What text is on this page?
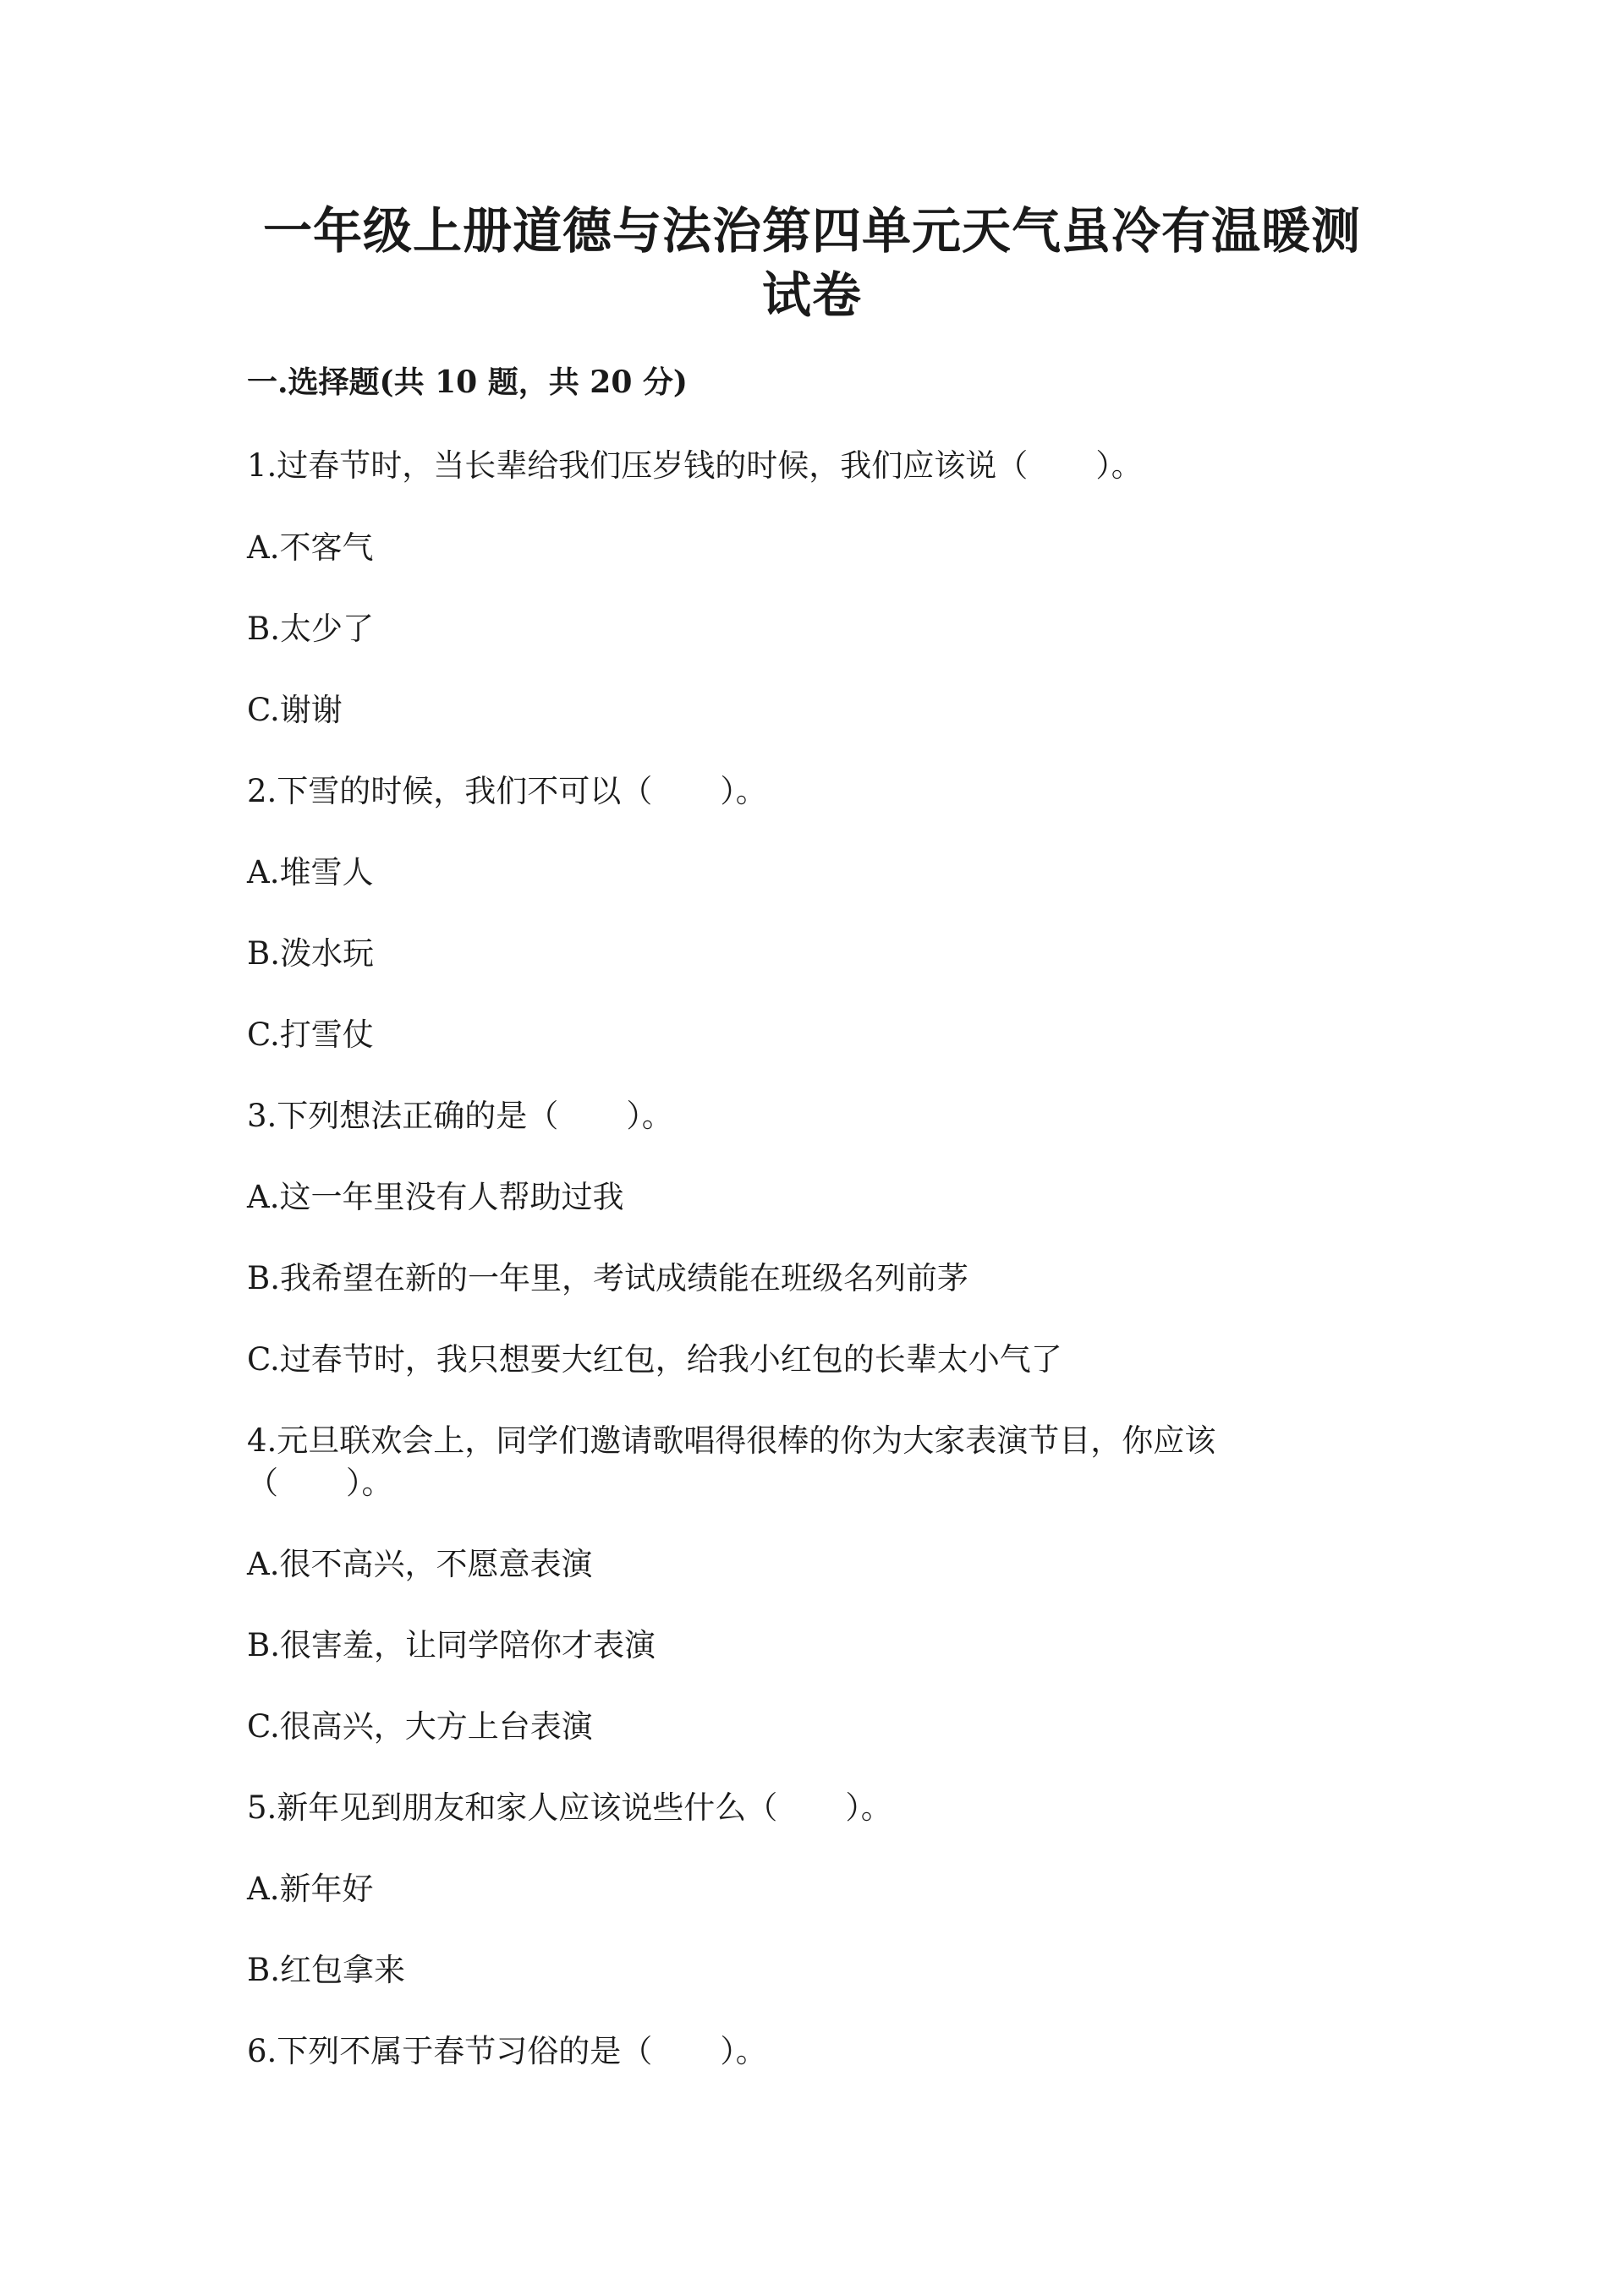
一年级上册道德与法治第四单元天气虽冷有温暖测
试卷
一.选择题(共 10 题，共 20 分)

1.过春节时，当长辈给我们压岁钱的时候，我们应该说（ ）。

A.不客气

B.太少了

C.谢谢

2.下雪的时候，我们不可以（ ）。

A.堆雪人

B.泼水玩

C.打雪仗

3.下列想法正确的是（ ）。

A.这一年里没有人帮助过我

B.我希望在新的一年里，考试成绩能在班级名列前茅

C.过春节时，我只想要大红包，给我小红包的长辈太小气了

4.元旦联欢会上，同学们邀请歌唱得很棒的你为大家表演节目，你应该

（ ）。

A.很不高兴，不愿意表演

B.很害羞，让同学陪你才表演

C.很高兴，大方上台表演

5.新年见到朋友和家人应该说些什么（ ）。

A.新年好

B.红包拿来

6.下列不属于春节习俗的是（ ）。
